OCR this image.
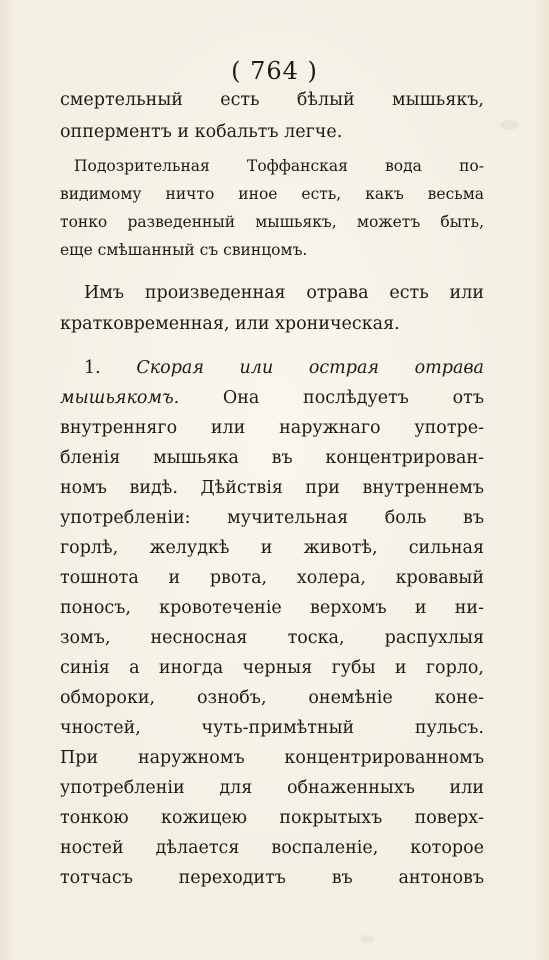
( 764 )
смертельный есть бѣлый мышьякъ,
опперментъ и кобальтъ легче.
Подозрительная Тоффанская вода по-
видимому ничто иное есть, какъ весьма
тонко разведенный мышьякъ, можетъ быть,
еще смѣшанный съ свинцомъ.
Имъ произведенная отрава есть или
кратковременная, или хроническая.
1. Скорая или острая отрава
мышьякомъ. Она послѣдуетъ отъ
внутренняго или наружнаго употре-
бленія мышьяка въ концентрирован-
номъ видѣ. Дѣйствія при внутреннемъ
употребленіи: мучительная боль въ
горлѣ, желудкѣ и животѣ, сильная
тошнота и рвота, холера, кровавый
поносъ, кровотеченіе верхомъ и ни-
зомъ, несносная тоска, распухлыя
синія а иногда черныя губы и горло,
обмороки, ознобъ, онемѣніе коне-
чностей, чуть-примѣтный пульсъ.
При наружномъ концентрированномъ
употребленіи для обнаженныхъ или
тонкою кожицею покрытыхъ поверх-
ностей дѣлается воспаленіе, которое
тотчасъ переходитъ въ антоновъ
